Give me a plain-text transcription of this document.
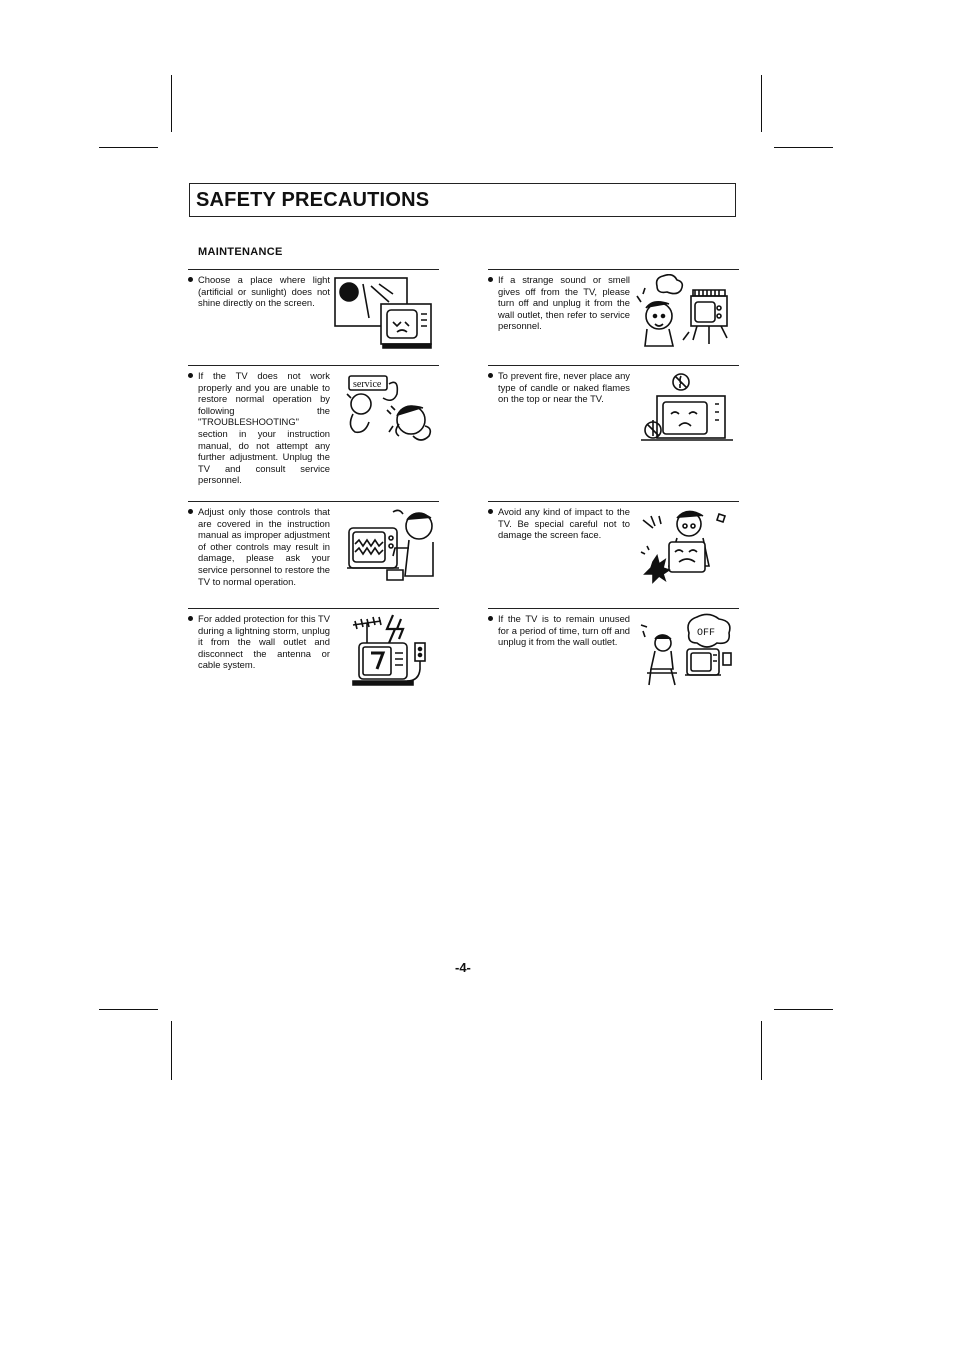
SAFETY PRECAUTIONS
MAINTENANCE

Choose a place where light (artificial or sunlight) does not shine directly on the screen.

If a strange sound or smell gives off from the TV, please turn off and unplug it from the wall outlet, then refer to service personnel.

If the TV does not work properly and you are unable to restore normal operation by following the "TROUBLESHOOTING" section in your instruction manual, do not attempt any further adjustment. Unplug the TV and consult service personnel.

service

To prevent fire, never place any type of candle or naked flames on the top or near the TV.

Adjust only those controls that are covered in the instruction manual as improper adjustment of other controls may result in damage, please ask your service personnel to restore the TV to normal operation.

Avoid any kind of impact to the TV. Be special careful not to damage the screen face.

For added protection for this TV during a lightning storm, unplug it from the wall outlet and disconnect the antenna or cable system.

If the TV is to remain unused for a period of time, turn off and unplug it from the wall outlet.

OFF
-4-
